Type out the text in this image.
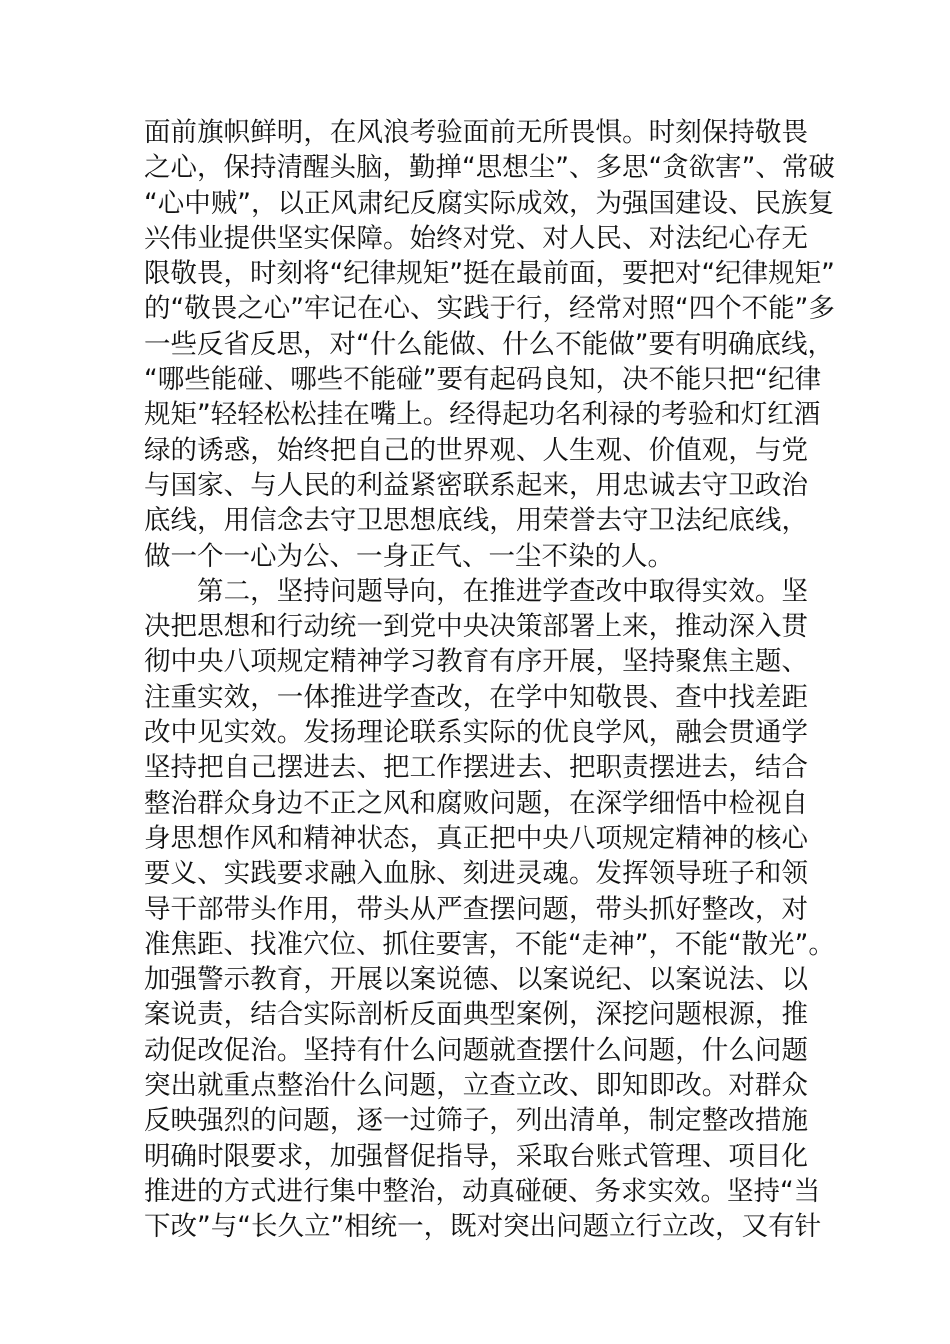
面前旗帜鲜明，在风浪考验面前无所畏惧。时刻保持敬畏
之心，保持清醒头脑，勤掸“思想尘”、多思“贪欲害”、常破
“心中贼”，以正风肃纪反腐实际成效，为强国建设、民族复
兴伟业提供坚实保障。始终对党、对人民、对法纪心存无
限敬畏，时刻将“纪律规矩”挺在最前面，要把对“纪律规矩”
的“敬畏之心”牢记在心、实践于行，经常对照“四个不能”多
一些反省反思，对“什么能做、什么不能做”要有明确底线，
“哪些能碰、哪些不能碰”要有起码良知，决不能只把“纪律
规矩”轻轻松松挂在嘴上。经得起功名利禄的考验和灯红酒
绿的诱惑，始终把自己的世界观、人生观、价值观，与党
与国家、与人民的利益紧密联系起来，用忠诚去守卫政治
底线，用信念去守卫思想底线，用荣誉去守卫法纪底线，
做一个一心为公、一身正气、一尘不染的人。
第二，坚持问题导向，在推进学查改中取得实效。坚
决把思想和行动统一到党中央决策部署上来，推动深入贯
彻中央八项规定精神学习教育有序开展，坚持聚焦主题、
注重实效，一体推进学查改，在学中知敬畏、查中找差距
改中见实效。发扬理论联系实际的优良学风，融会贯通学
坚持把自己摆进去、把工作摆进去、把职责摆进去，结合
整治群众身边不正之风和腐败问题，在深学细悟中检视自
身思想作风和精神状态，真正把中央八项规定精神的核心
要义、实践要求融入血脉、刻进灵魂。发挥领导班子和领
导干部带头作用，带头从严查摆问题，带头抓好整改，对
准焦距、找准穴位、抓住要害，不能“走神”，不能“散光”。
加强警示教育，开展以案说德、以案说纪、以案说法、以
案说责，结合实际剖析反面典型案例，深挖问题根源，推
动促改促治。坚持有什么问题就查摆什么问题，什么问题
突出就重点整治什么问题，立查立改、即知即改。对群众
反映强烈的问题，逐一过筛子，列出清单，制定整改措施
明确时限要求，加强督促指导，采取台账式管理、项目化
推进的方式进行集中整治，动真碰硬、务求实效。坚持“当
下改”与“长久立”相统一，既对突出问题立行立改，又有针
